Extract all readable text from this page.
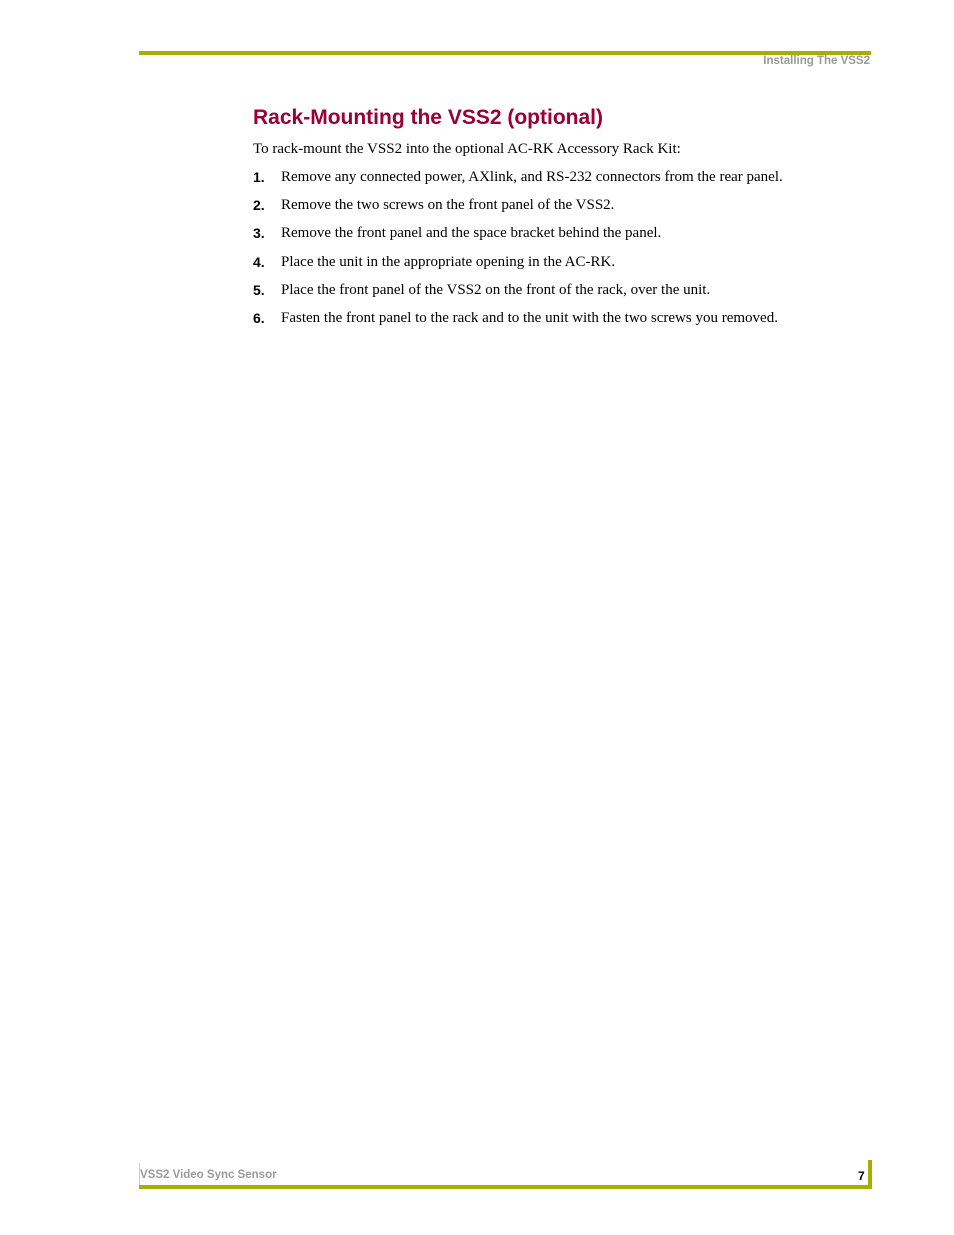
Installing The VSS2
Rack-Mounting the VSS2 (optional)

To rack-mount the VSS2 into the optional AC-RK Accessory Rack Kit:

1.	Remove any connected power, AXlink, and RS-232 connectors from the rear panel.
2.	Remove the two screws on the front panel of the VSS2.
3.	Remove the front panel and the space bracket behind the panel.
4.	Place the unit in the appropriate opening in the AC-RK.
5.	Place the front panel of the VSS2 on the front of the rack, over the unit.
6.	Fasten the front panel to the rack and to the unit with the two screws you removed.
VSS2 Video Sync Sensor	7
